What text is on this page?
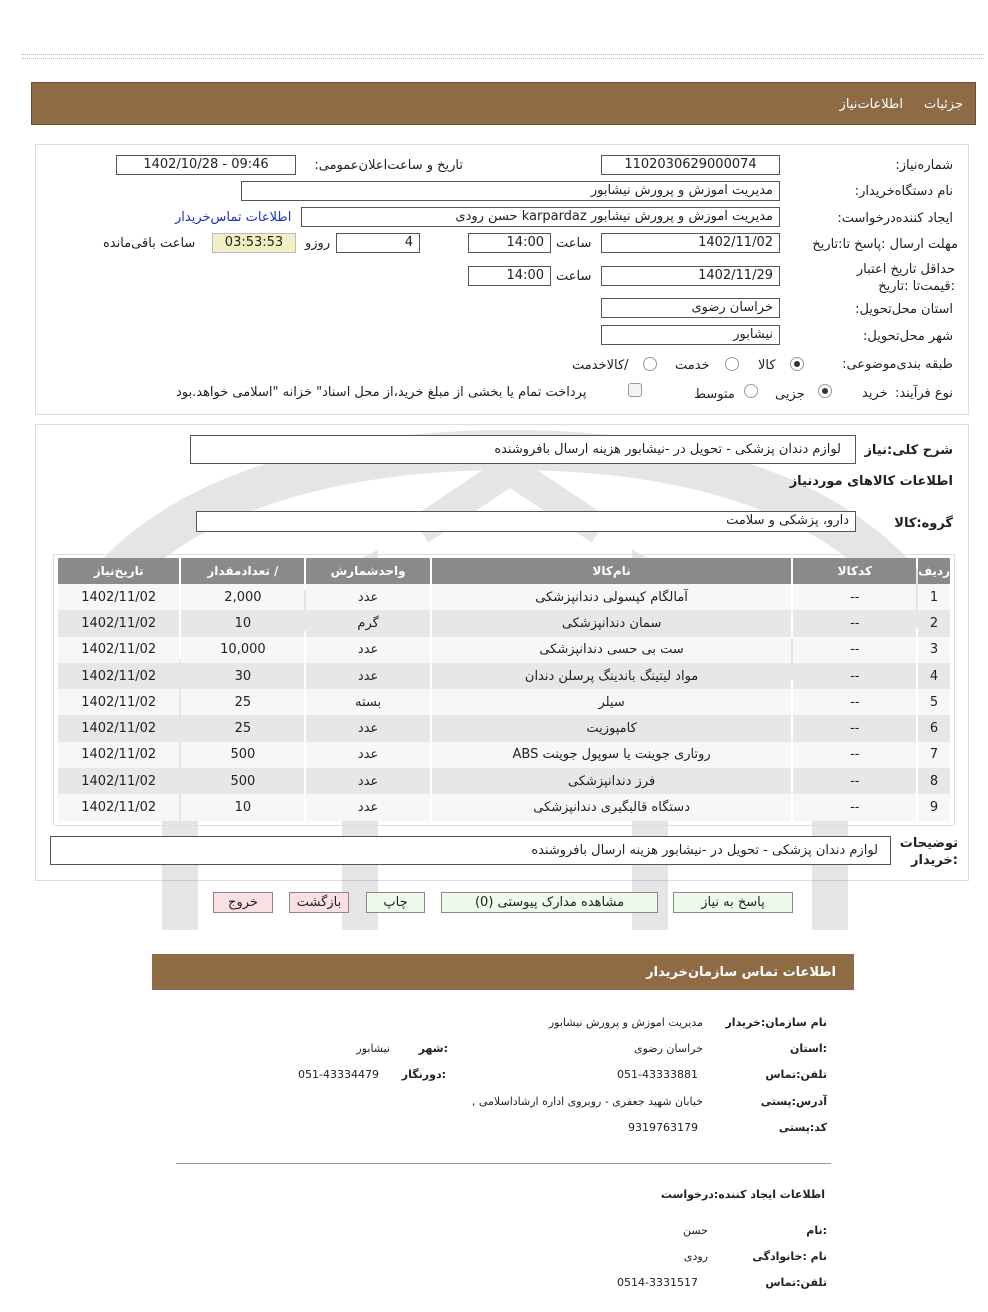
جزئیات
اطلاعات‌نیاز
شماره‌نیاز:
1102030629000074
تاریخ و ساعت‌اعلان‌عمومی:
1402/10/28 - 09:46
نام دستگاه‌خریدار:
مدیریت اموزش و پرورش نیشابور
ایجاد کننده‌درخواست:
مدیریت اموزش و پرورش نیشابور karpardaz حسن رودی
اطلاعات تماس‌خریدار
مهلت ارسال :پاسخ تا:تاریخ
1402/11/02
ساعت
14:00
4
روزو
03:53:53
ساعت باقی‌مانده
حداقل تاریخ اعتبار :قیمت‌تا :تاریخ
1402/11/29
ساعت
14:00
استان محل‌تحویل:
خراسان رضوی
شهر محل‌تحویل:
نیشابور
طبقه بندی‌موضوعی:
کالا
خدمت
/کالاخدمت
نوع فرآیند:
خرید
جزیی
متوسط
پرداخت تمام یا بخشی از مبلغ خرید،از محل اسناد" خزانه "اسلامی خواهد.بود
شرح کلی:نیاز
لوازم دندان پزشکی - تحویل در -نیشابور هزینه ارسال بافروشنده
اطلاعات کالاهای موردنیاز
گروه:کالا
دارو، پزشکی و سلامت
ردیف	کدکالا	نام‌کالا	واحدشمارش	/ تعدادمقدار	تاریخ‌نیاز
1	--	آمالگام کپسولی دندانپزشکی	عدد	2,000	1402/11/02
2	--	سمان دندانپزشکی	گرم	10	1402/11/02
3	--	ست بی حسی دندانپزشکی	عدد	10,000	1402/11/02
4	--	مواد لیتینگ باندینگ پرسلن دندان	عدد	30	1402/11/02
5	--	سیلر	بسته	25	1402/11/02
6	--	کامپوزیت	عدد	25	1402/11/02
7	--	روتاری جوینت یا سوپول جوینت ABS	عدد	500	1402/11/02
8	--	فرز دندانپزشکی	عدد	500	1402/11/02
9	--	دستگاه قالبگیری دندانپزشکی	عدد	10	1402/11/02
توضیحات
:خریدار
لوازم دندان پزشکی - تحویل در -نیشابور هزینه ارسال بافروشنده
پاسخ به نیاز
مشاهده مدارک پیوستی (0)
چاپ
بازگشت
خروج
اطلاعات تماس سازمان‌خریدار
نام سازمان:خریدار
مدیریت اموزش و پرورش نیشابور
:استان
خراسان رضوی
:شهر
نیشابور
تلفن:تماس
051-43333881
:دورنگار
051-43334479
آدرس:پستی
خیابان شهید جعفری - روبروی اداره ارشاداسلامی ,
کد:پستی
9319763179
اطلاعات ایجاد کننده:درخواست
:نام
حسن
نام :خانوادگی
رودی
تلفن:تماس
0514-3331517
